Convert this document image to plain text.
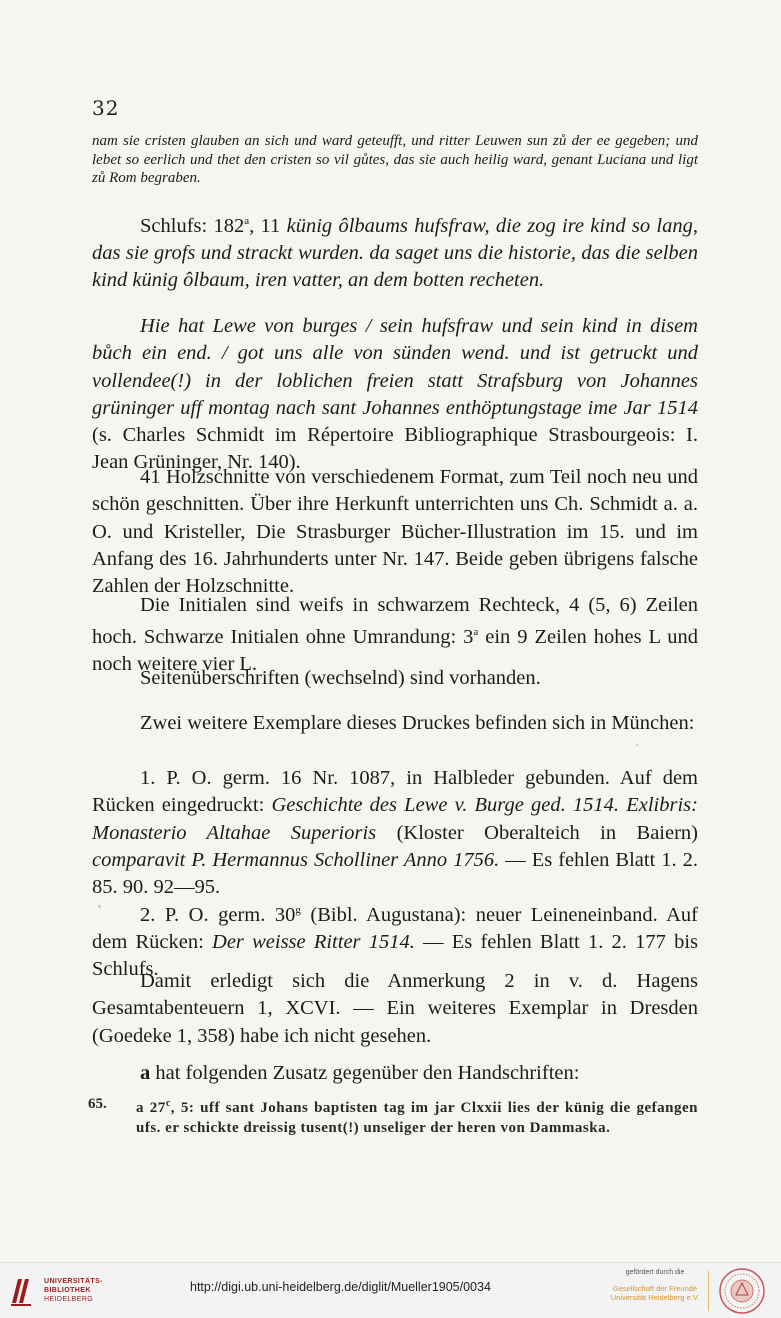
32
nam sie cristen glauben an sich und ward geteufft, und ritter Leuwen sun zů der ee gegeben; und lebet so eerlich und thet den cristen so vil gůtes, das sie auch heilig ward, genant Luciana und ligt zů Rom begraben.

Schlufs: 182$^a$, 11 künig ôlbaums hufsfraw, die zog ire kind so lang, das sie grofs und strackt wurden. da saget uns die historie, das die selben kind künig ôlbaum, iren vatter, an dem botten recheten.

Hie hat Lewe von burges / sein hufsfraw und sein kind in disem bůch ein end. / got uns alle von sünden wend. und ist getruckt und vollendee(!) in der loblichen freien statt Strafsburg von Johannes grüninger uff montag nach sant Johannes enthöptungstage ime Jar 1514 (s. Charles Schmidt im Répertoire Bibliographique Strasbourgeois: I. Jean Grüninger, Nr. 140).

41 Holzschnitte von verschiedenem Format, zum Teil noch neu und schön geschnitten. Über ihre Herkunft unterrichten uns Ch. Schmidt a. a. O. und Kristeller, Die Strasburger Bücher-Illustration im 15. und im Anfang des 16. Jahrhunderts unter Nr. 147. Beide geben übrigens falsche Zahlen der Holzschnitte.

Die Initialen sind weifs in schwarzem Rechteck, 4 (5, 6) Zeilen hoch. Schwarze Initialen ohne Umrandung: 3$^a$ ein 9 Zeilen hohes L und noch weitere vier L.

Seitenüberschriften (wechselnd) sind vorhanden.

Zwei weitere Exemplare dieses Druckes befinden sich in München:

1. P. O. germ. 16 Nr. 1087, in Halbleder gebunden. Auf dem Rücken eingedruckt: Geschichte des Lewe v. Burge ged. 1514. Exlibris: Monasterio Altahae Superioris (Kloster Oberalteich in Baiern) comparavit P. Hermannus Scholliner Anno 1756. — Es fehlen Blatt 1. 2. 85. 90. 92—95.

2. P. O. germ. 30$^g$ (Bibl. Augustana): neuer Leineneinband. Auf dem Rücken: Der weisse Ritter 1514. — Es fehlen Blatt 1. 2. 177 bis Schlufs.

Damit erledigt sich die Anmerkung 2 in v. d. Hagens Gesamtabenteuern 1, XCVI. — Ein weiteres Exemplar in Dresden (Goedeke 1, 358) habe ich nicht gesehen.

a hat folgenden Zusatz gegenüber den Handschriften:

65. a 27$^c$, 5: uff sant Johans baptisten tag im jar Clxxii lies der künig die gefangen ufs. er schickte dreissig tusent(!) unseliger der heren von Dammaska.
UNIVERSITÄTS-
BIBLIOTHEK
HEIDELBERG
http://digi.ub.uni-heidelberg.de/diglit/Mueller1905/0034
gefördert durch die
Gesellschaft der Freunde
Universität Heidelberg e.V.
